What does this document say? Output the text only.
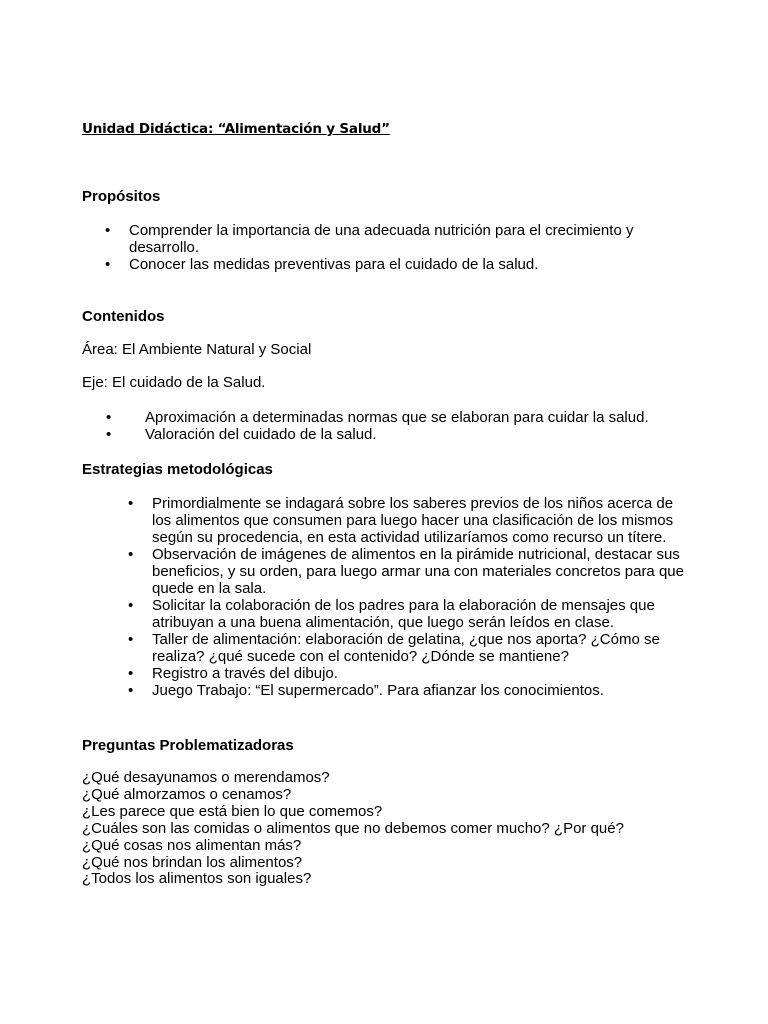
Unidad Didáctica: “Alimentación y Salud”
Propósitos
• Comprender la importancia de una adecuada nutrición para el crecimiento y desarrollo.
• Conocer las medidas preventivas para el cuidado de la salud.
Contenidos
Área: El Ambiente Natural y Social
Eje: El cuidado de la Salud.
• Aproximación a determinadas normas que se elaboran para cuidar la salud.
• Valoración del cuidado de la salud.
Estrategias metodológicas
• Primordialmente se indagará sobre los saberes previos de los niños acerca de los alimentos que consumen para luego hacer una clasificación de los mismos según su procedencia, en esta actividad utilizaríamos como recurso un títere.
• Observación de imágenes de alimentos en la pirámide nutricional, destacar sus beneficios, y su orden, para luego armar una con materiales concretos para que quede en la sala.
• Solicitar la colaboración de los padres para la elaboración de mensajes que atribuyan a una buena alimentación, que luego serán leídos en clase.
• Taller de alimentación: elaboración de gelatina, ¿que nos aporta? ¿Cómo se realiza? ¿qué sucede con el contenido? ¿Dónde se mantiene?
• Registro a través del dibujo.
• Juego Trabajo: “El supermercado”. Para afianzar los conocimientos.
Preguntas Problematizadoras
¿Qué desayunamos o merendamos?
¿Qué almorzamos o cenamos?
¿Les parece que está bien lo que comemos?
¿Cuáles son las comidas o alimentos que no debemos comer mucho? ¿Por qué?
¿Qué cosas nos alimentan más?
¿Qué nos brindan los alimentos?
¿Todos los alimentos son iguales?
